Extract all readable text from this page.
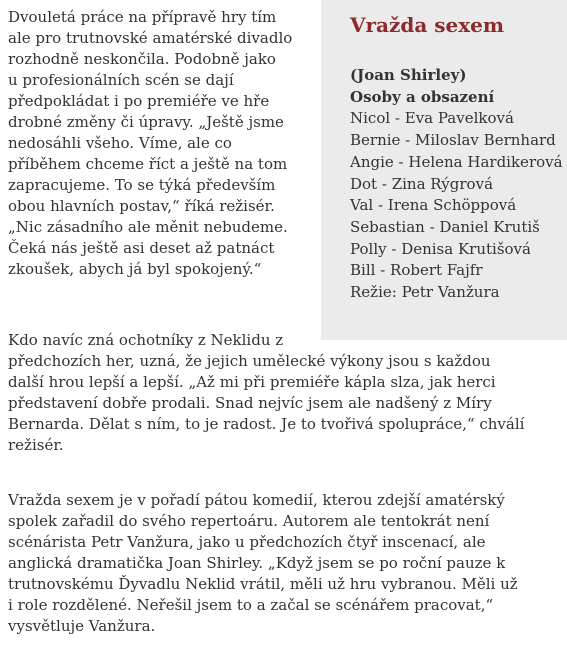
Dvouletá práce na přípravě hry tím
ale pro trutnovské amatérské divadlo
rozhodně neskončila. Podobně jako
u profesionálních scén se dají
předpokládat i po premiéře ve hře
drobné změny či úpravy. „Ještě jsme
nedosáhli všeho. Víme, ale co
příběhem chceme říct a ještě na tom
zapracujeme. To se týká především
obou hlavních postav,“ říká režisér.
„Nic zásadního ale měnit nebudeme.
Čeká nás ještě asi deset až patnáct
zkoušek, abych já byl spokojený.“
Vražda sexem
(Joan Shirley)
Osoby a obsazení
Nicol - Eva Pavelková
Bernie - Miloslav Bernhard
Angie - Helena Hardikerová
Dot - Zina Rýgrová
Val - Irena Schöppová
Sebastian - Daniel Krutiš
Polly - Denisa Krutišová
Bill - Robert Fajfr
Režie: Petr Vanžura
Kdo navíc zná ochotníky z Neklidu z
předchozích her, uzná, že jejich umělecké výkony jsou s každou
další hrou lepší a lepší. „Až mi při premiéře kápla slza, jak herci
představení dobře prodali. Snad nejvíc jsem ale nadšený z Míry
Bernarda. Dělat s ním, to je radost. Je to tvořivá spolupráce,“ chválí
režisér.
Vražda sexem je v pořadí pátou komedií, kterou zdejší amatérský
spolek zařadil do svého repertoáru. Autorem ale tentokrát není
scénárista Petr Vanžura, jako u předchozích čtyř inscenací, ale
anglická dramatička Joan Shirley. „Když jsem se po roční pauze k
trutnovskému Ďyvadlu Neklid vrátil, měli už hru vybranou. Měli už
i role rozdělené. Neřešil jsem to a začal se scénářem pracovat,“
vysvětluje Vanžura.
